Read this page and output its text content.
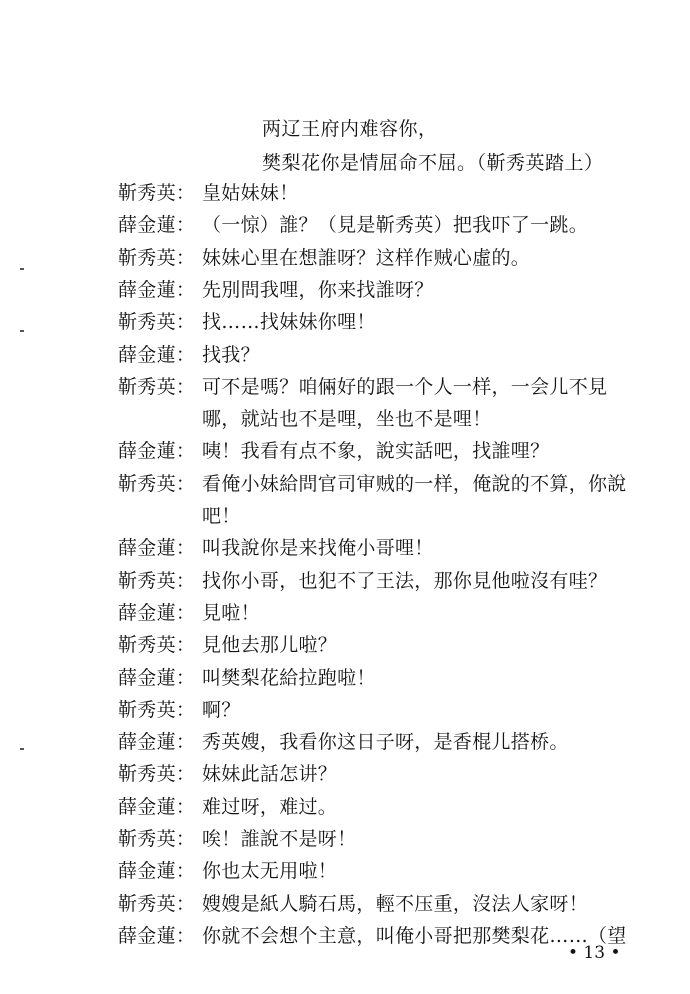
两辽王府内难容你，
樊梨花你是情屈命不屈。（靳秀英踏上）
靳秀英： 皇姑妹妹！
薛金蓮： （一惊）誰？（見是靳秀英）把我吓了一跳。
靳秀英： 妹妹心里在想誰呀？这样作贼心虛的。
薛金蓮： 先別問我哩，你来找誰呀？
靳秀英： 找……找妹妹你哩！
薛金蓮： 找我？
靳秀英： 可不是嗎？咱倆好的跟一个人一样，一会儿不見
哪，就站也不是哩，坐也不是哩！
薛金蓮： 咦！我看有点不象，說实話吧，找誰哩？
靳秀英： 看俺小妹給問官司审贼的一样，俺說的不算，你說
吧！
薛金蓮： 叫我說你是来找俺小哥哩！
靳秀英： 找你小哥，也犯不了王法，那你見他啦沒有哇？
薛金蓮： 見啦！
靳秀英： 見他去那儿啦？
薛金蓮： 叫樊梨花給拉跑啦！
靳秀英： 啊？
薛金蓮： 秀英嫂，我看你这日子呀，是香棍儿搭桥。
靳秀英： 妹妹此話怎讲？
薛金蓮： 难过呀，难过。
靳秀英： 唉！誰說不是呀！
薛金蓮： 你也太无用啦！
靳秀英： 嫂嫂是紙人騎石馬，輕不压重，沒法人家呀！
薛金蓮： 你就不会想个主意，叫俺小哥把那樊梨花……（望
• 13 •
